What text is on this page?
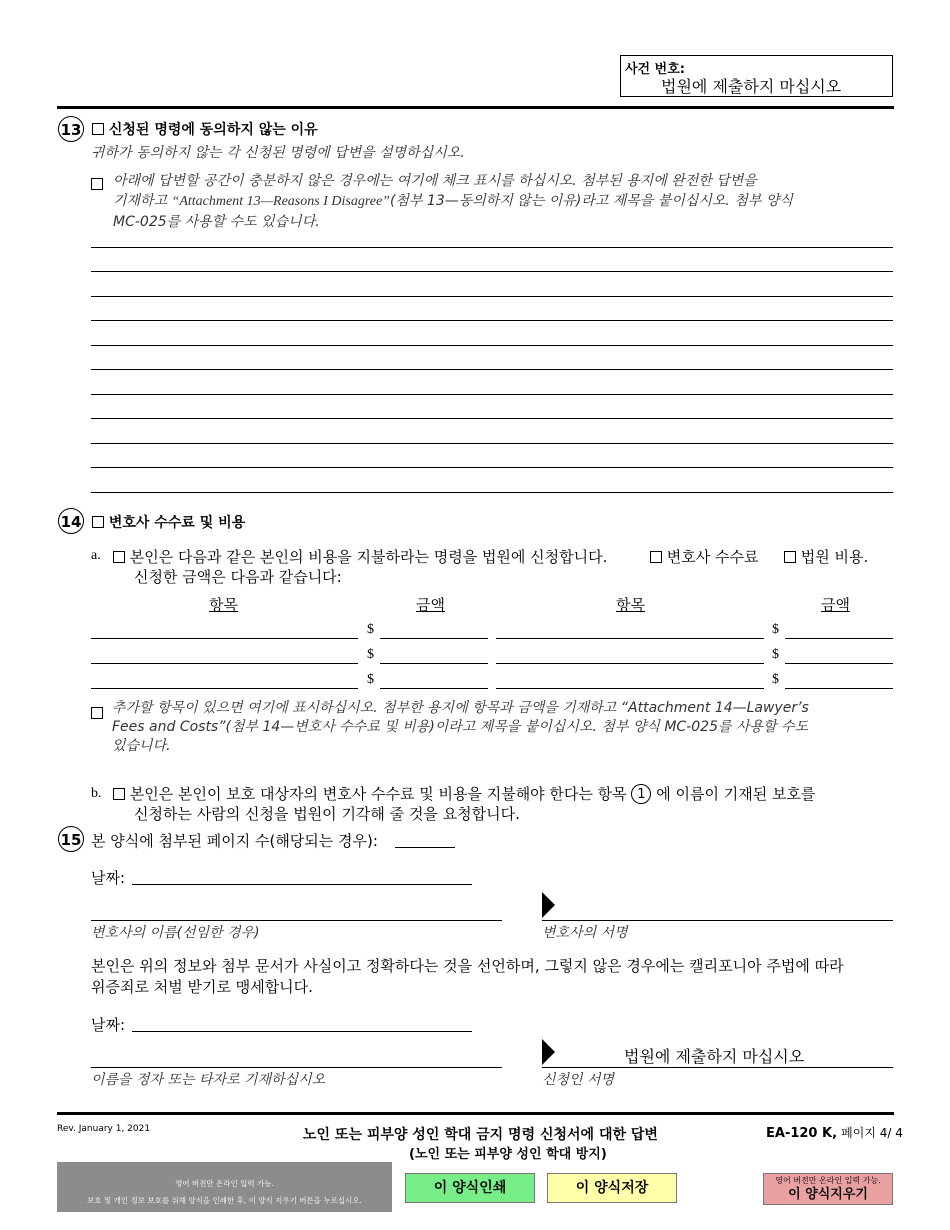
사건 번호:
법원에 제출하지 마십시오
13	신청된 명령에 동의하지 않는 이유
귀하가 동의하지 않는 각 신청된 명령에 답변을 설명하십시오.
아래에 답변할 공간이 충분하지 않은 경우에는 여기에 체크 표시를 하십시오. 첨부된 용지에 완전한 답변을
기재하고 “Attachment 13—Reasons I Disagree”(첨부 13—동의하지 않는 이유)라고 제목을 붙이십시오. 첨부 양식
MC-025를 사용할 수도 있습니다.
14	변호사 수수료 및 비용
a.	본인은 다음과 같은 본인의 비용을 지불하라는 명령을 법원에 신청합니다.	변호사 수수료	법원 비용.
신청한 금액은 다음과 같습니다:
항목	금액	항목	금액
$	$
$	$
$	$
추가할 항목이 있으면 여기에 표시하십시오. 첨부한 용지에 항목과 금액을 기재하고 “Attachment 14—Lawyer’s
Fees and Costs”(첨부 14—변호사 수수료 및 비용)이라고 제목을 붙이십시오. 첨부 양식 MC-025를 사용할 수도
있습니다.
b.	본인은 본인이 보호 대상자의 변호사 수수료 및 비용을 지불해야 한다는 항목 1 에 이름이 기재된 보호를
신청하는 사람의 신청을 법원이 기각해 줄 것을 요청합니다.
15 본 양식에 첨부된 페이지 수(해당되는 경우):
날짜:
변호사의 이름(선임한 경우)	변호사의 서명
본인은 위의 정보와 첨부 문서가 사실이고 정확하다는 것을 선언하며, 그렇지 않은 경우에는 캘리포니아 주법에 따라
위증죄로 처벌 받기로 맹세합니다.
날짜:
이름을 정자 또는 타자로 기재하십시오
법원에 제출하지 마십시오
신청인 서명
Rev. January 1, 2021	노인 또는 피부양 성인 학대 금지 명령 신청서에 대한 답변
(노인 또는 피부양 성인 학대 방지)
EA-120 K, 페이지 4/ 4
영어 버전만 온라인 입력 가능.
보호 및 개인 정보 보호를 위해 양식을 인쇄한 후, 이 양식 지우기 버튼을 누르십시오.
이 양식인쇄	이 양식저장	영어 버전만 온라인 입력 가능.
이 양식지우기
